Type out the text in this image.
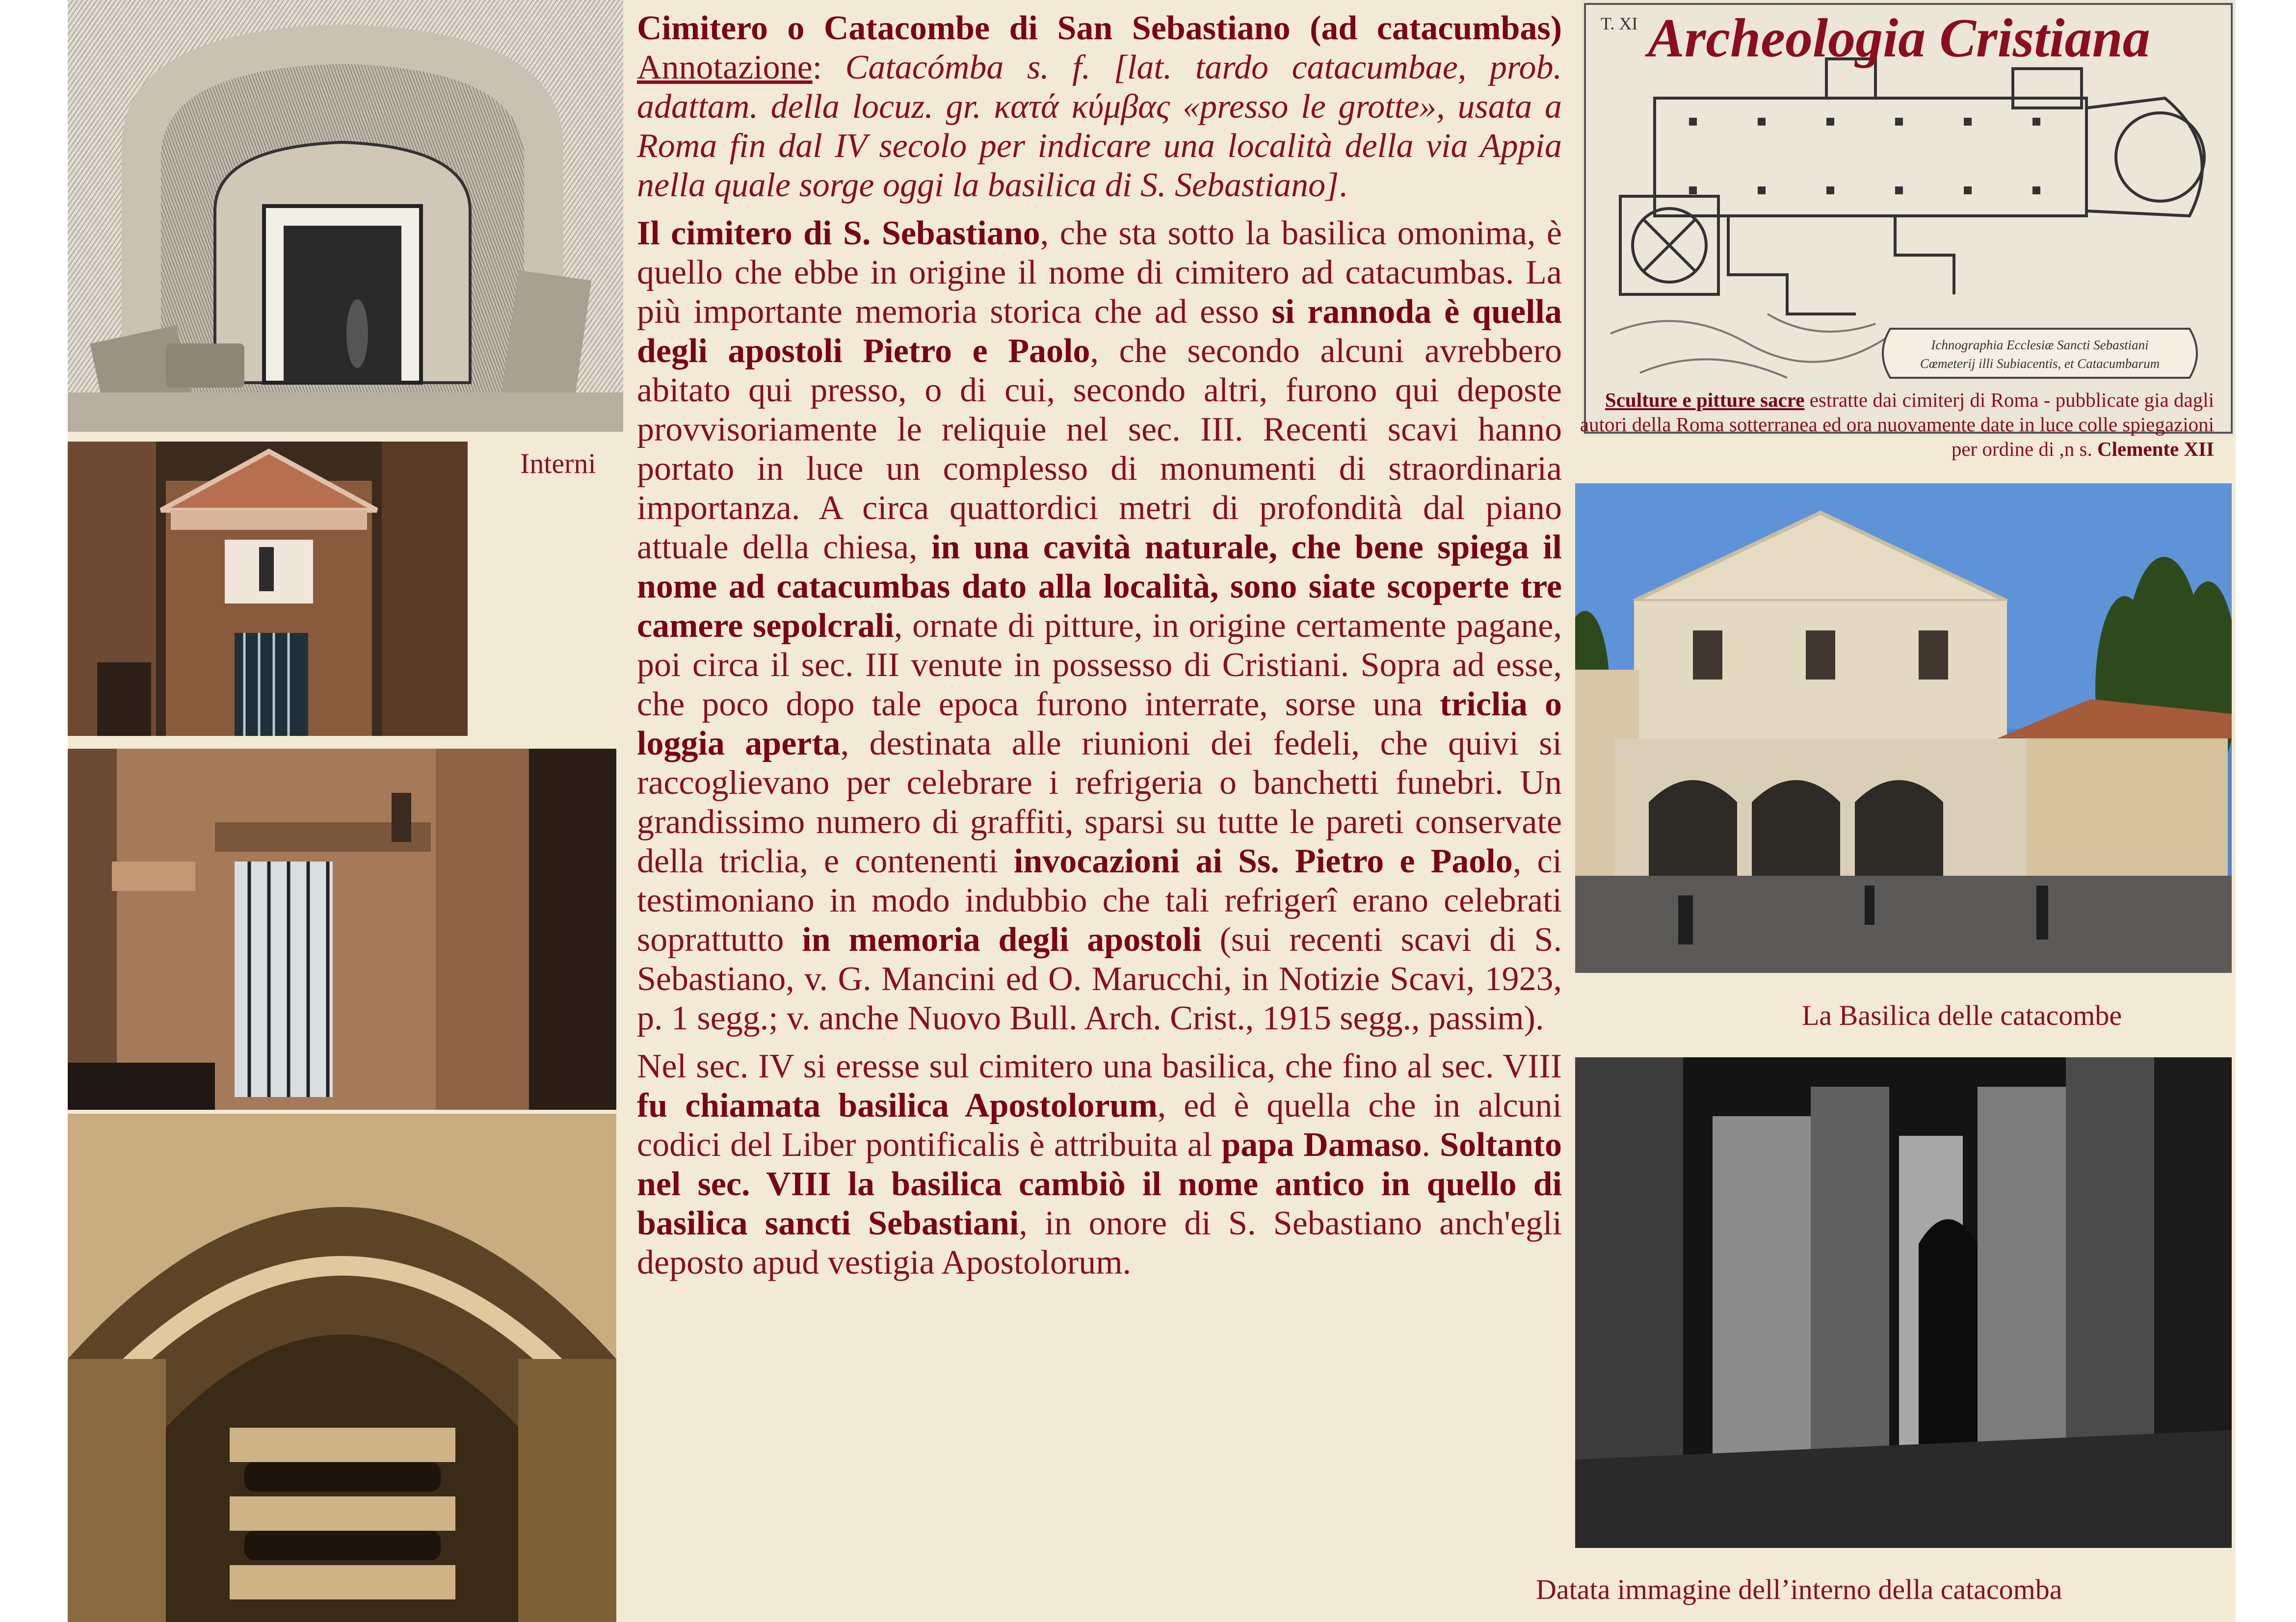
Interni

Cimitero o Catacombe di San Sebastiano (ad catacumbas) Annotazione: Catacómba s. f. [lat. tardo catacumbae, prob. adattam. della locuz. gr. κατά κύμβας «presso le grotte», usata a Roma fin dal IV secolo per indicare una località della via Appia nella quale sorge oggi la basilica di S. Sebastiano].

Il cimitero di S. Sebastiano, che sta sotto la basilica omonima, è quello che ebbe in origine il nome di cimitero ad catacumbas. La più importante memoria storica che ad esso si rannoda è quella degli apostoli Pietro e Paolo, che secondo alcuni avrebbero abitato qui presso, o di cui, secondo altri, furono qui deposte provvisoriamente le reliquie nel sec. III. Recenti scavi hanno portato in luce un complesso di monumenti di straordinaria importanza. A circa quattordici metri di profondità dal piano attuale della chiesa, in una cavità naturale, che bene spiega il nome ad catacumbas dato alla località, sono siate scoperte tre camere sepolcrali, ornate di pitture, in origine certamente pagane, poi circa il sec. III venute in possesso di Cristiani. Sopra ad esse, che poco dopo tale epoca furono interrate, sorse una triclia o loggia aperta, destinata alle riunioni dei fedeli, che quivi si raccoglievano per celebrare i refrigeria o banchetti funebri. Un grandissimo numero di graffiti, sparsi su tutte le pareti conservate della triclia, e contenenti invocazioni ai Ss. Pietro e Paolo, ci testimoniano in modo indubbio che tali refrigerî erano celebrati soprattutto in memoria degli apostoli (sui recenti scavi di S. Sebastiano, v. G. Mancini ed O. Marucchi, in Notizie Scavi, 1923, p. 1 segg.; v. anche Nuovo Bull. Arch. Crist., 1915 segg., passim).

Nel sec. IV si eresse sul cimitero una basilica, che fino al sec. VIII fu chiamata basilica Apostolorum, ed è quella che in alcuni codici del Liber pontificalis è attribuita al papa Damaso. Soltanto nel sec. VIII la basilica cambiò il nome antico in quello di basilica sancti Sebastiani, in onore di S. Sebastiano anch'egli deposto apud vestigia Apostolorum.

T. XI
Ichnographia Ecclesiæ Sancti Sebastiani
Cœmeterij illi Subiacentis, et Catacumbarum
Archeologia Cristiana
Sculture e pitture sacre estratte dai cimiterj di Roma - pubblicate gia dagli autori della Roma sotterranea ed ora nuovamente date in luce colle spiegazioni per ordine di ,n s. Clemente XII
La Basilica delle catacombe
Datata immagine dell’interno della catacomba
